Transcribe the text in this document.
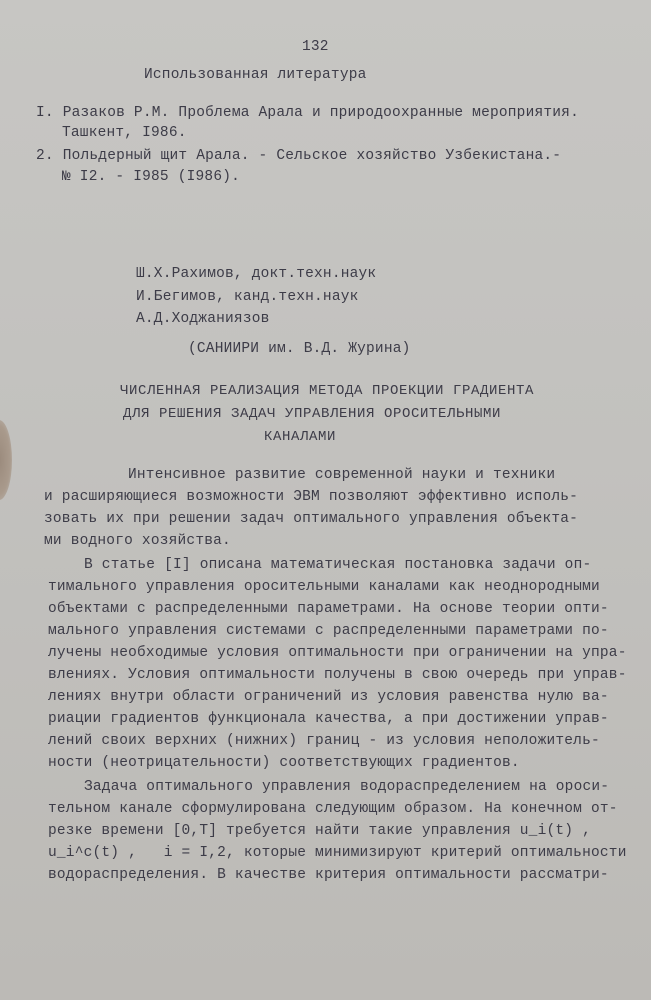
132
Использованная литература
I. Разаков Р.М. Проблема Арала и природоохранные мероприятия.
Ташкент, I986.
2. Польдерный щит Арала. - Сельское хозяйство Узбекистана.-
№ I2. - I985 (I986).
Ш.Х.Рахимов, докт.техн.наук
И.Бегимов, канд.техн.наук
А.Д.Ходжаниязов
(САНИИРИ им. В.Д. Журина)
ЧИСЛЕННАЯ РЕАЛИЗАЦИЯ МЕТОДА ПРОЕКЦИИ ГРАДИЕНТА
ДЛЯ РЕШЕНИЯ ЗАДАЧ УПРАВЛЕНИЯ ОРОСИТЕЛЬНЫМИ
КАНАЛАМИ
Интенсивное развитие современной науки и техники
и расширяющиеся возможности ЭВМ позволяют эффективно исполь-
зовать их при решении задач оптимального управления объекта-
ми водного хозяйства.
В статье [I] описана математическая постановка задачи оп-
тимального управления оросительными каналами как неоднородными
объектами с распределенными параметрами. На основе теории опти-
мального управления системами с распределенными параметрами по-
лучены необходимые условия оптимальности при ограничении на упра-
влениях. Условия оптимальности получены в свою очередь при управ-
лениях внутри области ограничений из условия равенства нулю ва-
риации градиентов функционала качества, а при достижении управ-
лений своих верхних (нижних) границ - из условия неположитель-
ности (неотрицательности) соответствующих градиентов.
Задача оптимального управления водораспределением на ороси-
тельном канале сформулирована следующим образом. На конечном от-
резке времени [0,T] требуется найти такие управления u_i(t) ,
u_i^c(t) ,   i = I,2, которые минимизируют критерий оптимальности
водораспределения. В качестве критерия оптимальности рассматри-
